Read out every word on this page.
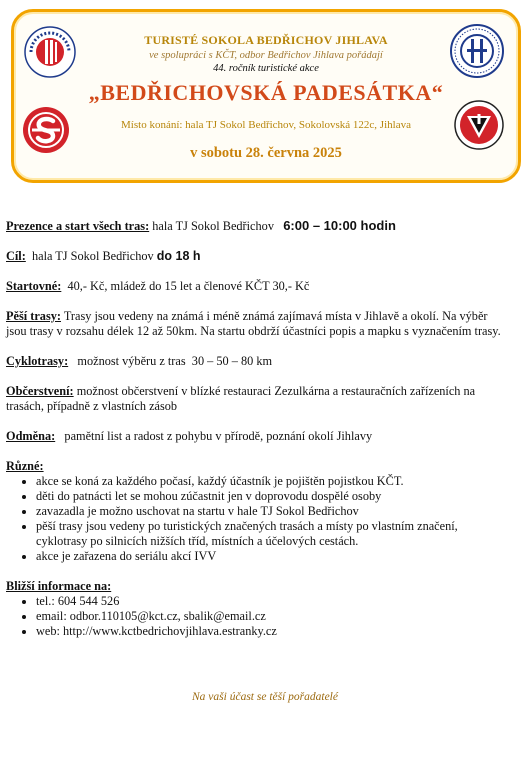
TURISTÉ SOKOLA BEDŘICHOV JIHLAVA
ve spolupráci s KČT, odbor Bedřichov Jihlava pořádají
44. ročník turistické akce
„BEDŘICHOVSKÁ PADESÁTKA“
Místo konání: hala TJ Sokol Bedřichov, Sokolovská 122c, Jihlava
v sobotu 28. června 2025

Prezence a start všech tras: hala TJ Sokol Bedřichov   6:00 – 10:00 hodin

Cíl:  hala TJ Sokol Bedřichov do 18 h

Startovné:  40,- Kč, mládež do 15 let a členové KČT 30,- Kč

Pěší trasy: Trasy jsou vedeny na známá i méně známá zajímavá místa v Jihlavě a okolí. Na výběr jsou trasy v rozsahu délek 12 až 50km. Na startu obdrží účastníci popis a mapku s vyznačením trasy.

Cyklotrasy:   možnost výběru z tras  30 – 50 – 80 km

Občerstvení: možnost občerstvení v blízké restauraci Zezulkárna a restauračních zařízeních na trasách, případně z vlastních zásob

Odměna:   pamětní list a radost z pohybu v přírodě, poznání okolí Jihlavy

Různé:
• akce se koná za každého počasí, každý účastník je pojištěn pojistkou KČT.
• děti do patnácti let se mohou zúčastnit jen v doprovodu dospělé osoby
• zavazadla je možno uschovat na startu v hale TJ Sokol Bedřichov
• pěší trasy jsou vedeny po turistických značených trasách a místy po vlastním značení, cyklotrasy po silnicích nižších tříd, místních a účelových cestách.
• akce je zařazena do seriálu akcí IVV
Bližší informace na:
• tel.: 604 544 526
• email: odbor.110105@kct.cz, sbalik@email.cz
• web: http://www.kctbedrichovjihlava.estranky.cz
Na vaši účast se těší pořadatelé
